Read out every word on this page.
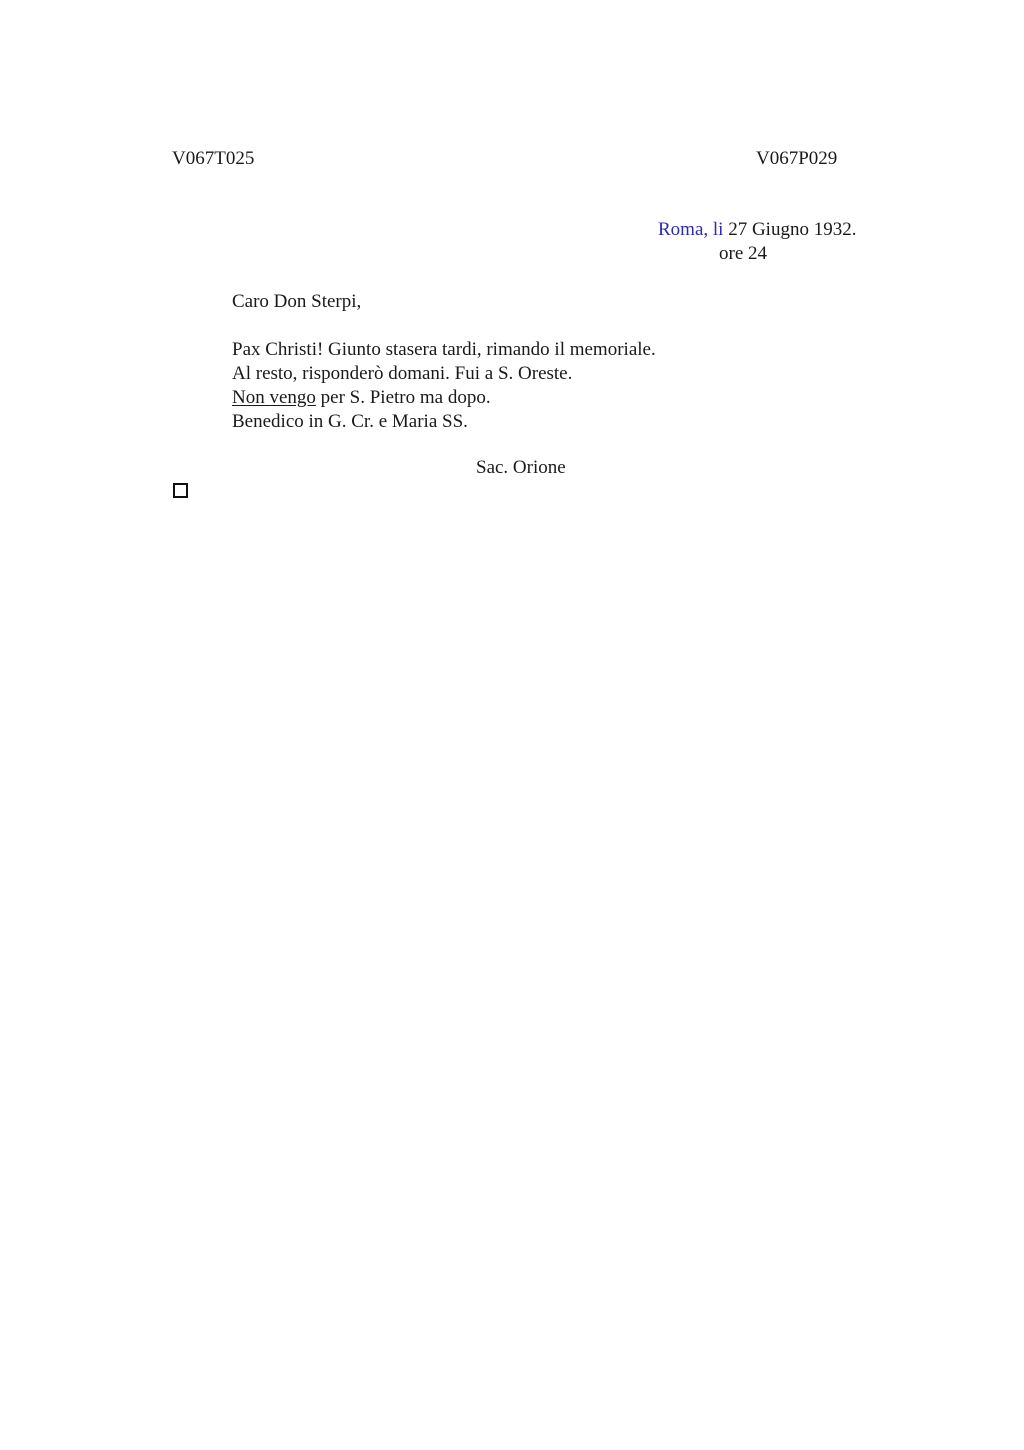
V067T025	V067P029
Roma, li 27 Giugno 1932.
ore 24
Caro Don Sterpi,
Pax Christi! Giunto stasera tardi, rimando il memoriale.
Al resto, risponderò domani. Fui a S. Oreste.
Non vengo per S. Pietro ma dopo.
Benedico in G. Cr. e Maria SS.
Sac. Orione
